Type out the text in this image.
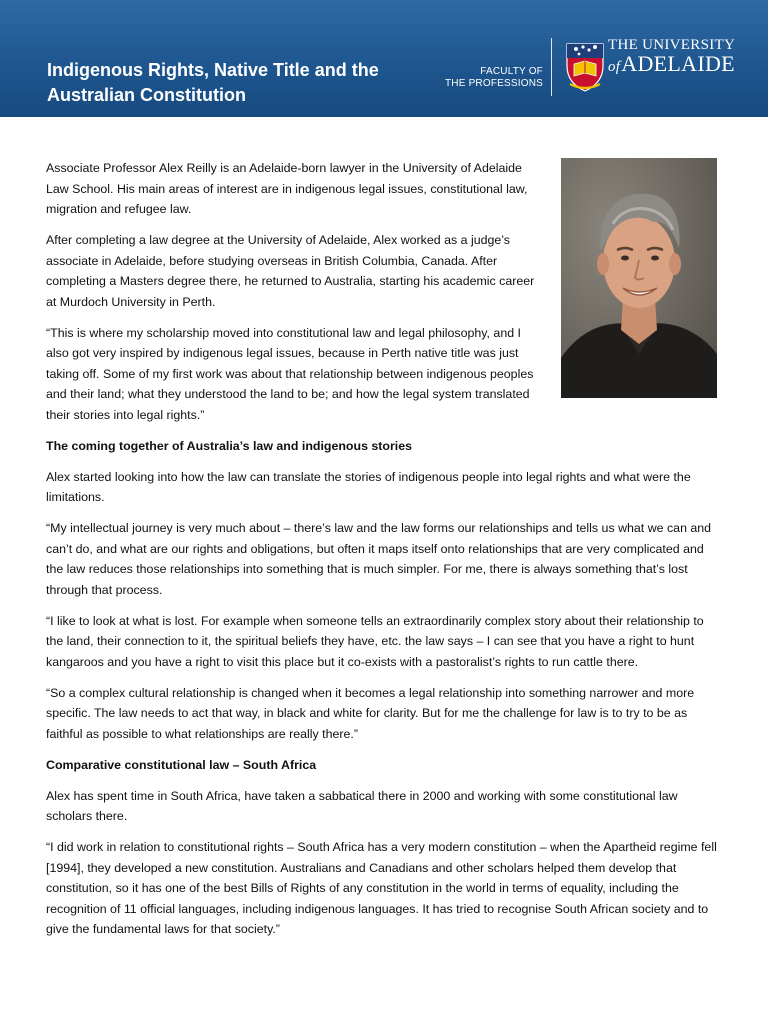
Indigenous Rights, Native Title and the
Australian Constitution
FACULTY OF
THE PROFESSIONS
THE UNIVERSITY
ofADELAIDE

Associate Professor Alex Reilly is an Adelaide-born lawyer in the University of Adelaide Law School. His main areas of interest are in indigenous legal issues, constitutional law, migration and refugee law.

After completing a law degree at the University of Adelaide, Alex worked as a judge’s associate in Adelaide, before studying overseas in British Columbia, Canada. After completing a Masters degree there, he returned to Australia, starting his academic career at Murdoch University in Perth.

“This is where my scholarship moved into constitutional law and legal philosophy, and I also got very inspired by indigenous legal issues, because in Perth native title was just taking off. Some of my first work was about that relationship between indigenous peoples and their land; what they understood the land to be; and how the legal system translated their stories into legal rights.”

The coming together of Australia’s law and indigenous stories

Alex started looking into how the law can translate the stories of indigenous people into legal rights and what were the limitations.

“My intellectual journey is very much about – there’s law and the law forms our relationships and tells us what we can and can’t do, and what are our rights and obligations, but often it maps itself onto relationships that are very complicated and the law reduces those relationships into something that is much simpler. For me, there is always something that’s lost through that process.

“I like to look at what is lost. For example when someone tells an extraordinarily complex story about their relationship to the land, their connection to it, the spiritual beliefs they have, etc. the law says – I can see that you have a right to hunt kangaroos and you have a right to visit this place but it co-exists with a pastoralist’s rights to run cattle there.

“So a complex cultural relationship is changed when it becomes a legal relationship into something narrower and more specific. The law needs to act that way, in black and white for clarity. But for me the challenge for law is to try to be as faithful as possible to what relationships are really there.”

Comparative constitutional law – South Africa

Alex has spent time in South Africa, have taken a sabbatical there in 2000 and working with some constitutional law scholars there.

“I did work in relation to constitutional rights – South Africa has a very modern constitution – when the Apartheid regime fell [1994], they developed a new constitution. Australians and Canadians and other scholars helped them develop that constitution, so it has one of the best Bills of Rights of any constitution in the world in terms of equality, including the recognition of 11 official languages, including indigenous languages. It has tried to recognise South African society and to give the fundamental laws for that society.”
